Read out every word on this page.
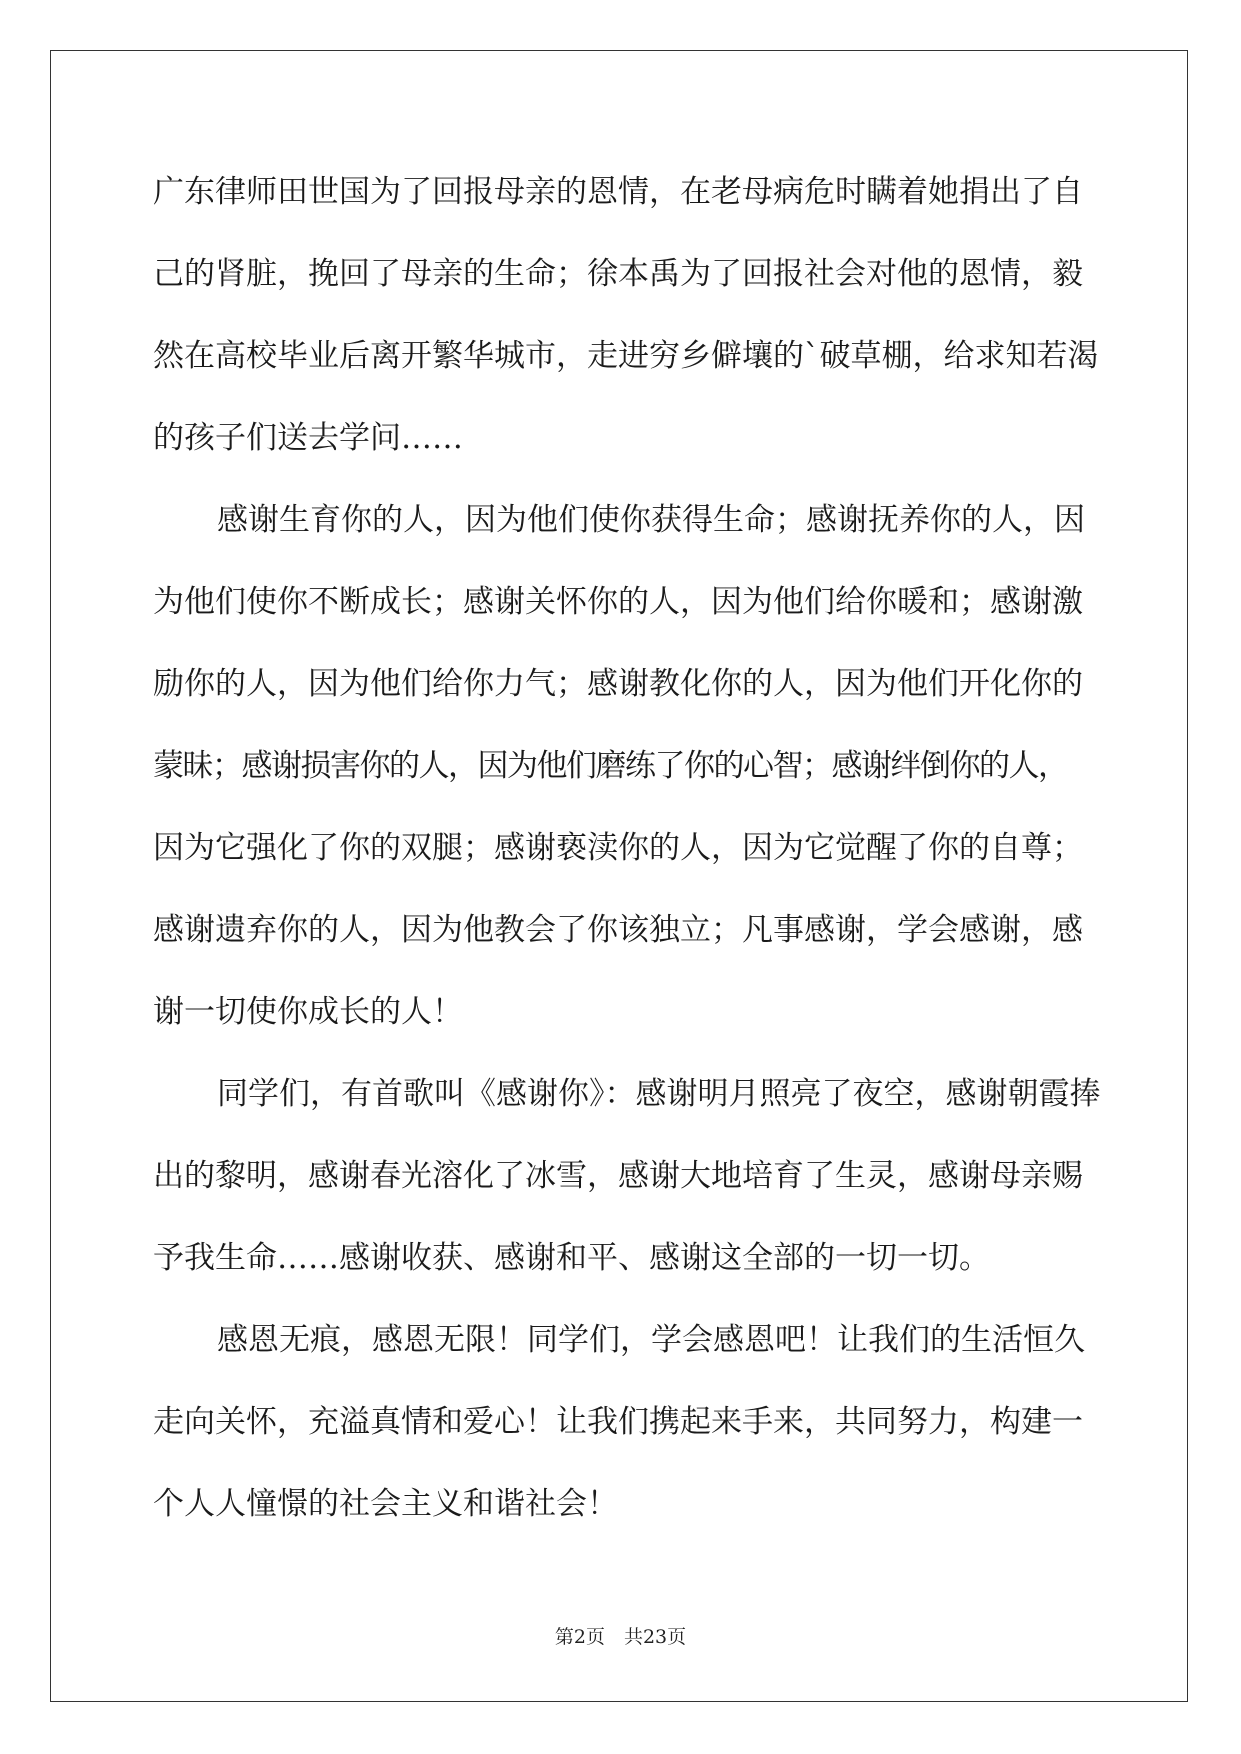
广东律师田世国为了回报母亲的恩情，在老母病危时瞒着她捐出了自
己的肾脏，挽回了母亲的生命；徐本禹为了回报社会对他的恩情，毅
然在高校毕业后离开繁华城市，走进穷乡僻壤的`破草棚，给求知若渴
的孩子们送去学问……
感谢生育你的人，因为他们使你获得生命；感谢抚养你的人，因
为他们使你不断成长；感谢关怀你的人，因为他们给你暖和；感谢激
励你的人，因为他们给你力气；感谢教化你的人，因为他们开化你的
蒙昧；感谢损害你的人，因为他们磨练了你的心智；感谢绊倒你的人，
因为它强化了你的双腿；感谢亵渎你的人，因为它觉醒了你的自尊；
感谢遗弃你的人，因为他教会了你该独立；凡事感谢，学会感谢，感
谢一切使你成长的人！
同学们，有首歌叫《感谢你》：感谢明月照亮了夜空，感谢朝霞捧
出的黎明，感谢春光溶化了冰雪，感谢大地培育了生灵，感谢母亲赐
予我生命……感谢收获、感谢和平、感谢这全部的一切一切。
感恩无痕，感恩无限！同学们，学会感恩吧！让我们的生活恒久
走向关怀，充溢真情和爱心！让我们携起来手来，共同努力，构建一
个人人憧憬的社会主义和谐社会！
第2页　共23页
